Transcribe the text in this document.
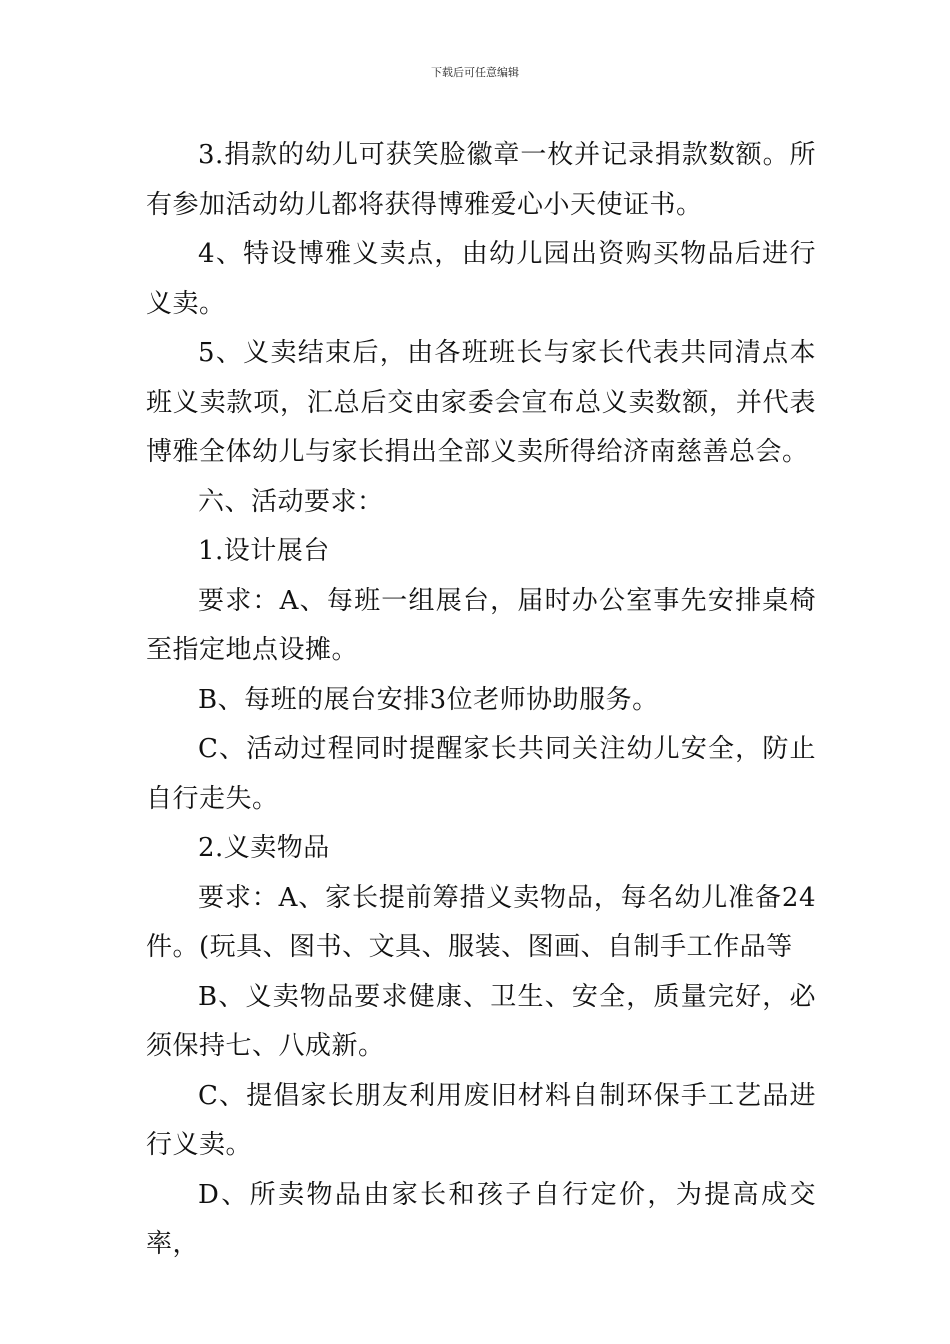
下载后可任意编辑

3.捐款的幼儿可获笑脸徽章一枚并记录捐款数额。所有参加活动幼儿都将获得博雅爱心小天使证书。

4、特设博雅义卖点，由幼儿园出资购买物品后进行义卖。

5、义卖结束后，由各班班长与家长代表共同清点本班义卖款项，汇总后交由家委会宣布总义卖数额，并代表博雅全体幼儿与家长捐出全部义卖所得给济南慈善总会。

六、活动要求：

1.设计展台

要求：A、每班一组展台，届时办公室事先安排桌椅至指定地点设摊。

B、每班的展台安排3位老师协助服务。

C、活动过程同时提醒家长共同关注幼儿安全，防止自行走失。

2.义卖物品

要求：A、家长提前筹措义卖物品，每名幼儿准备24件。(玩具、图书、文具、服装、图画、自制手工作品等

B、义卖物品要求健康、卫生、安全，质量完好，必须保持七、八成新。

C、提倡家长朋友利用废旧材料自制环保手工艺品进行义卖。

D、所卖物品由家长和孩子自行定价，为提高成交率，
